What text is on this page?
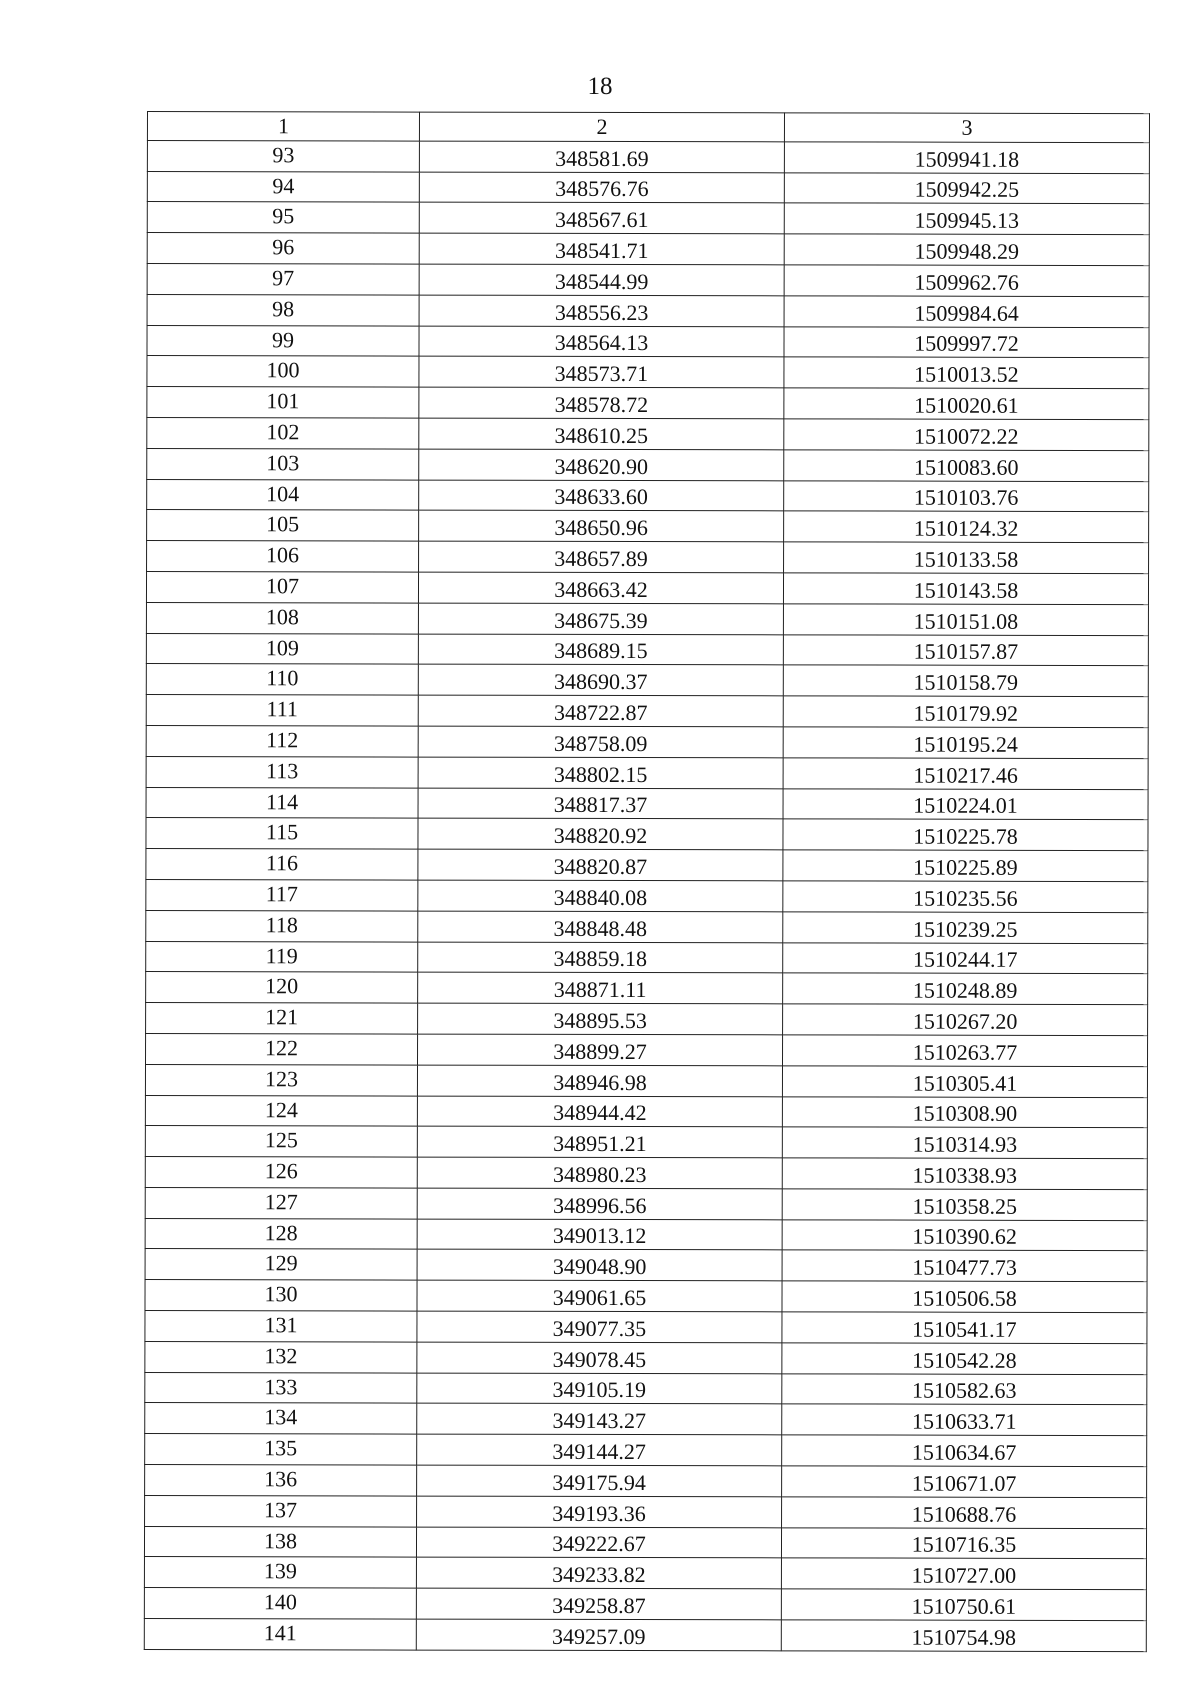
18
1	2	3
93	348581.69	1509941.18
94	348576.76	1509942.25
95	348567.61	1509945.13
96	348541.71	1509948.29
97	348544.99	1509962.76
98	348556.23	1509984.64
99	348564.13	1509997.72
100	348573.71	1510013.52
101	348578.72	1510020.61
102	348610.25	1510072.22
103	348620.90	1510083.60
104	348633.60	1510103.76
105	348650.96	1510124.32
106	348657.89	1510133.58
107	348663.42	1510143.58
108	348675.39	1510151.08
109	348689.15	1510157.87
110	348690.37	1510158.79
111	348722.87	1510179.92
112	348758.09	1510195.24
113	348802.15	1510217.46
114	348817.37	1510224.01
115	348820.92	1510225.78
116	348820.87	1510225.89
117	348840.08	1510235.56
118	348848.48	1510239.25
119	348859.18	1510244.17
120	348871.11	1510248.89
121	348895.53	1510267.20
122	348899.27	1510263.77
123	348946.98	1510305.41
124	348944.42	1510308.90
125	348951.21	1510314.93
126	348980.23	1510338.93
127	348996.56	1510358.25
128	349013.12	1510390.62
129	349048.90	1510477.73
130	349061.65	1510506.58
131	349077.35	1510541.17
132	349078.45	1510542.28
133	349105.19	1510582.63
134	349143.27	1510633.71
135	349144.27	1510634.67
136	349175.94	1510671.07
137	349193.36	1510688.76
138	349222.67	1510716.35
139	349233.82	1510727.00
140	349258.87	1510750.61
141	349257.09	1510754.98
